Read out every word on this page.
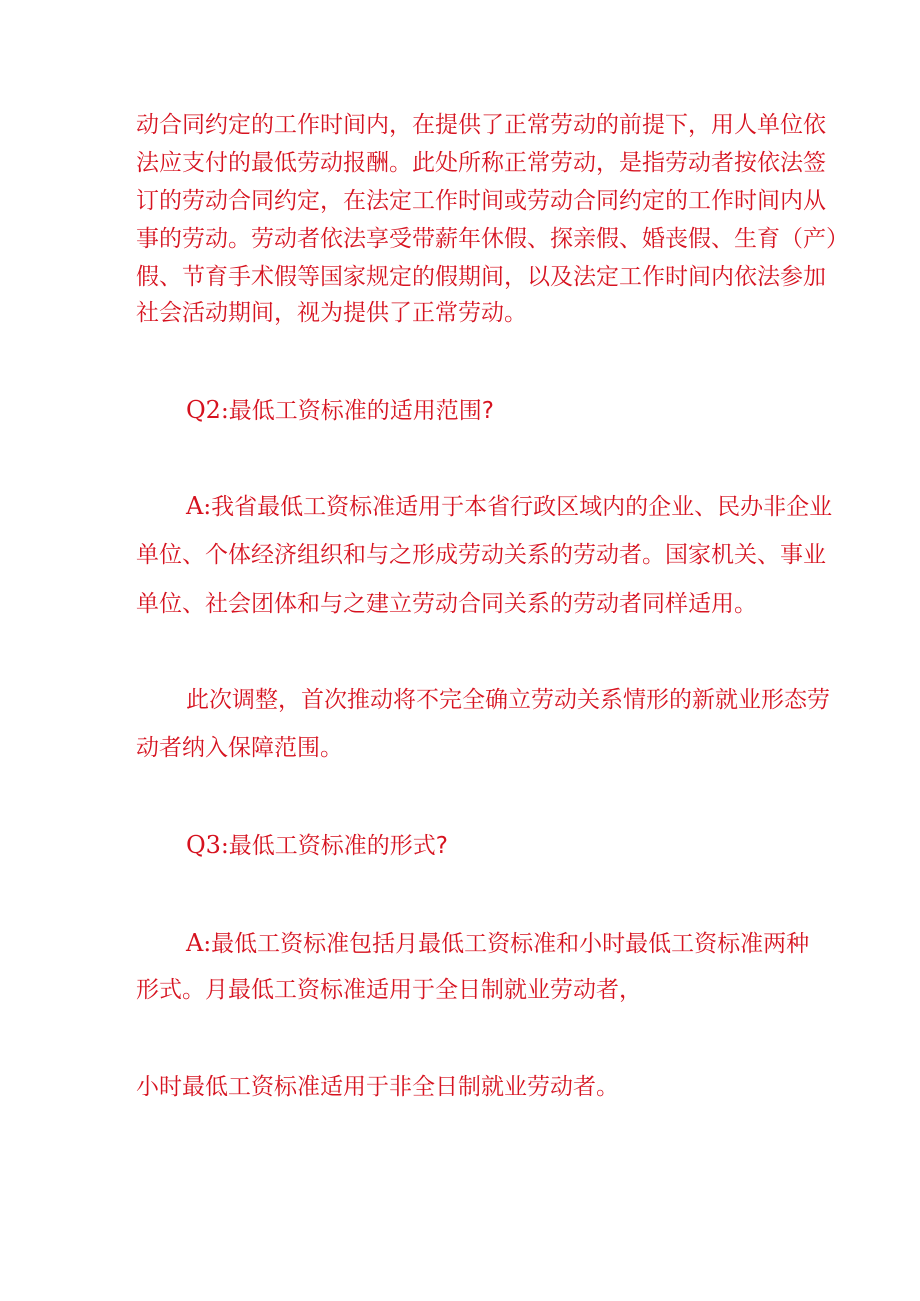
动合同约定的工作时间内，在提供了正常劳动的前提下，用人单位依
法应支付的最低劳动报酬。此处所称正常劳动，是指劳动者按依法签
订的劳动合同约定，在法定工作时间或劳动合同约定的工作时间内从
事的劳动。劳动者依法享受带薪年休假、探亲假、婚丧假、生育（产）
假、节育手术假等国家规定的假期间，以及法定工作时间内依法参加
社会活动期间，视为提供了正常劳动。
Q2:最低工资标准的适用范围?
A:我省最低工资标准适用于本省行政区域内的企业、民办非企业
单位、个体经济组织和与之形成劳动关系的劳动者。国家机关、事业
单位、社会团体和与之建立劳动合同关系的劳动者同样适用。
此次调整，首次推动将不完全确立劳动关系情形的新就业形态劳
动者纳入保障范围。
Q3:最低工资标准的形式?
A:最低工资标准包括月最低工资标准和小时最低工资标准两种
形式。月最低工资标准适用于全日制就业劳动者，
小时最低工资标准适用于非全日制就业劳动者。
